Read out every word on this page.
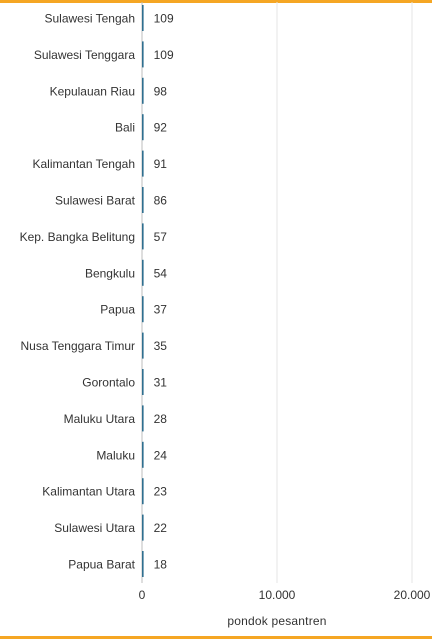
Sulawesi Tengah
Sulawesi Tenggara
Kepulauan Riau
Bali
Kalimantan Tengah
Sulawesi Barat
Kep. Bangka Belitung
Bengkulu
Papua
Nusa Tenggara Timur
Gorontalo
Maluku Utara
Maluku
Kalimantan Utara
Sulawesi Utara
Papua Barat
109
109
98
92
91
86
57
54
37
35
31
28
24
23
22
18
0	10.000	20.000
pondok pesantren
